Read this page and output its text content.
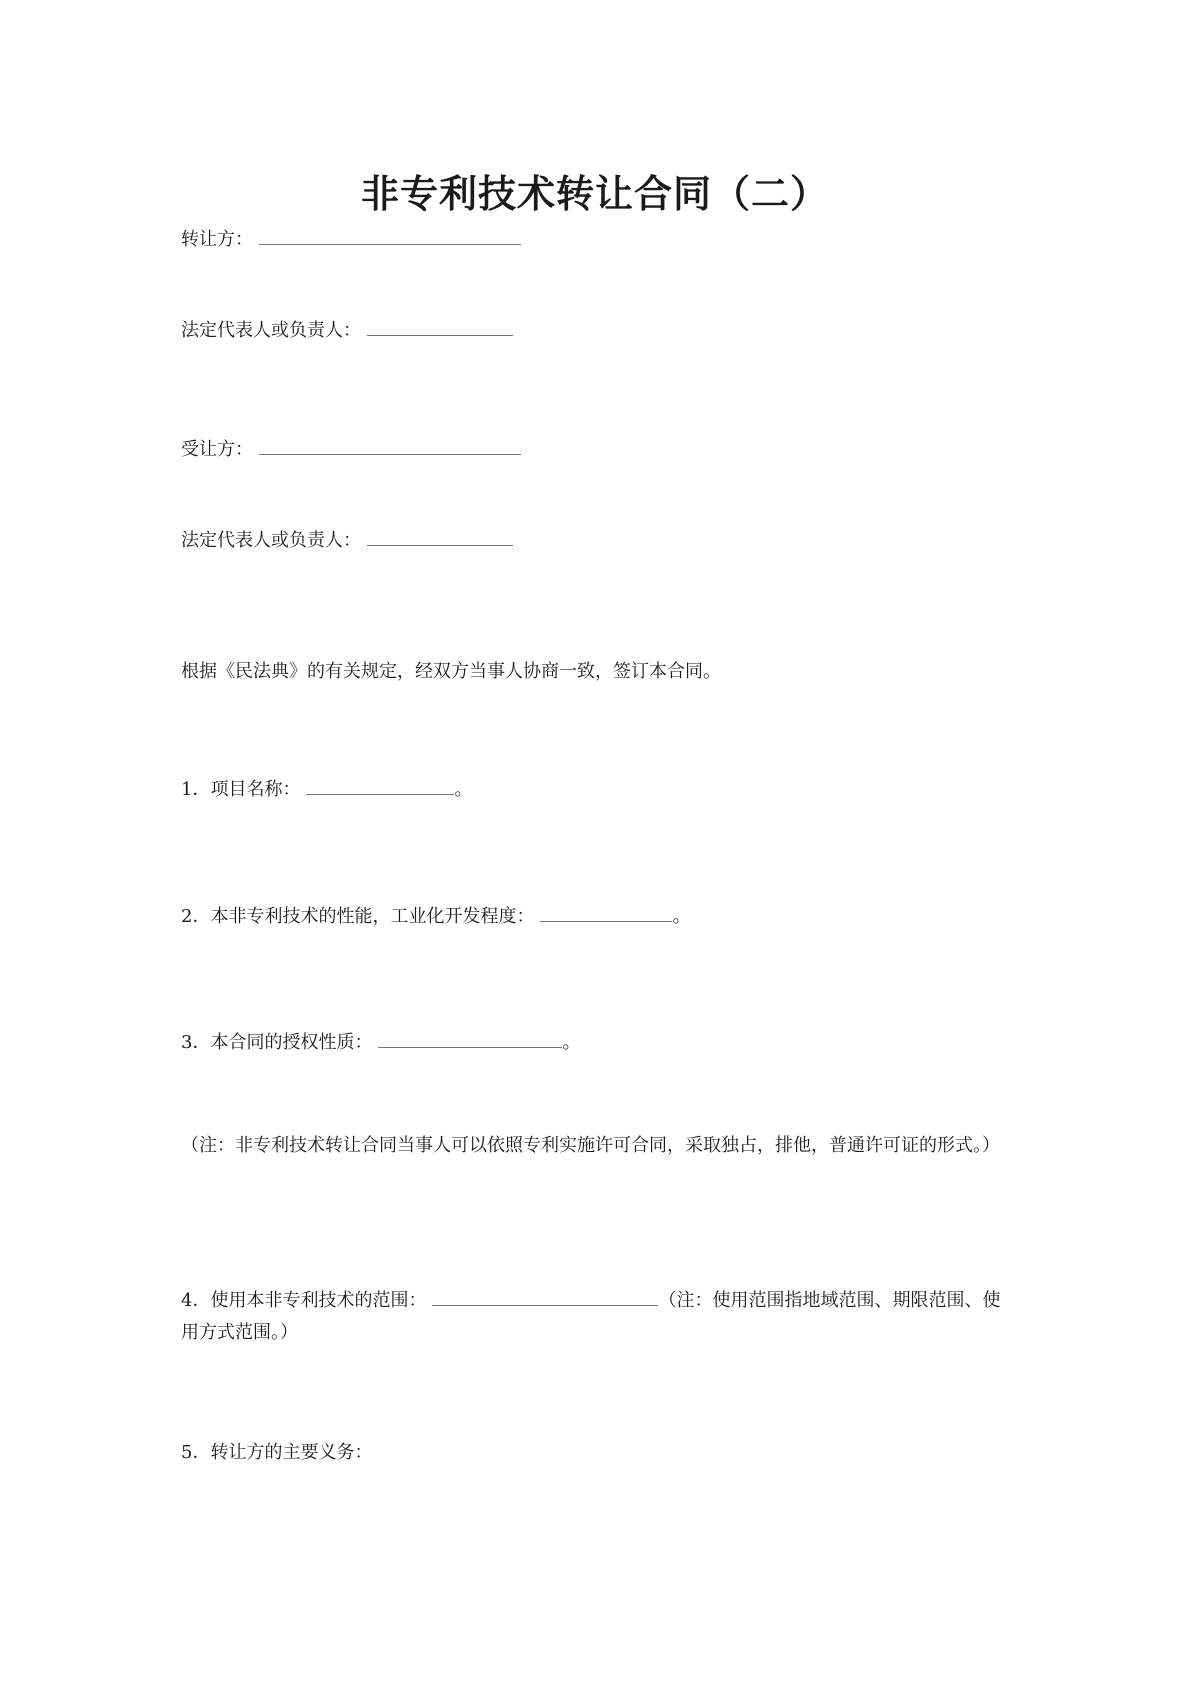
非专利技术转让合同（二）
转让方：
法定代表人或负责人：
受让方：
法定代表人或负责人：
根据《民法典》的有关规定，经双方当事人协商一致，签订本合同。
1．项目名称：	。
2．本非专利技术的性能，工业化开发程度：	。
3．本合同的授权性质：	。
（注：非专利技术转让合同当事人可以依照专利实施许可合同，采取独占，排他，普通许可证的形式。）
4．使用本非专利技术的范围：	（注：使用范围指地域范围、期限范围、使用方式范围。）
5．转让方的主要义务：
